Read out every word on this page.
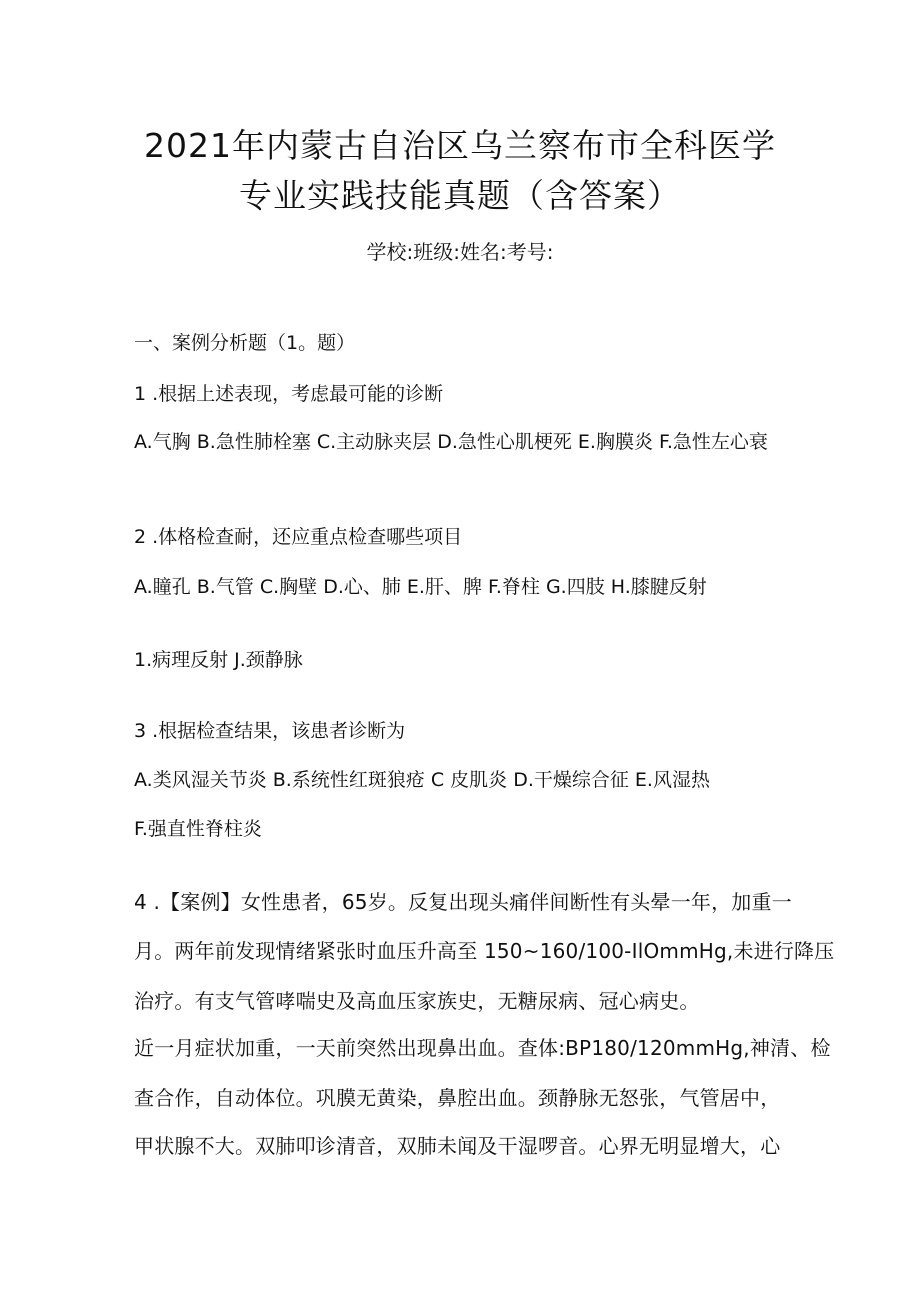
2021年内蒙古自治区乌兰察布市全科医学
专业实践技能真题（含答案）
学校:班级:姓名:考号:
一、案例分析题（1。题）
1 .根据上述表现，考虑最可能的诊断
A.气胸 B.急性肺栓塞 C.主动脉夹层 D.急性心肌梗死 E.胸膜炎 F.急性左心衰
2 .体格检查耐，还应重点检查哪些项目
A.瞳孔 B.气管 C.胸壁 D.心、肺 E.肝、脾 F.脊柱 G.四肢 H.膝腱反射
1.病理反射 J.颈静脉
3 .根据检查结果，该患者诊断为
A.类风湿关节炎 B.系统性红斑狼疮 C 皮肌炎 D.干燥综合征 E.风湿热
F.强直性脊柱炎
4 .【案例】女性患者，65岁。反复出现头痛伴间断性有头晕一年，加重一
月。两年前发现情绪紧张时血压升高至 150~160/100-IlOmmHg,未进行降压
治疗。有支气管哮喘史及高血压家族史，无糖尿病、冠心病史。
近一月症状加重，一天前突然出现鼻出血。查体:BP180/120mmHg,神清、检
查合作，自动体位。巩膜无黄染，鼻腔出血。颈静脉无怒张，气管居中，
甲状腺不大。双肺叩诊清音，双肺未闻及干湿啰音。心界无明显增大，心
